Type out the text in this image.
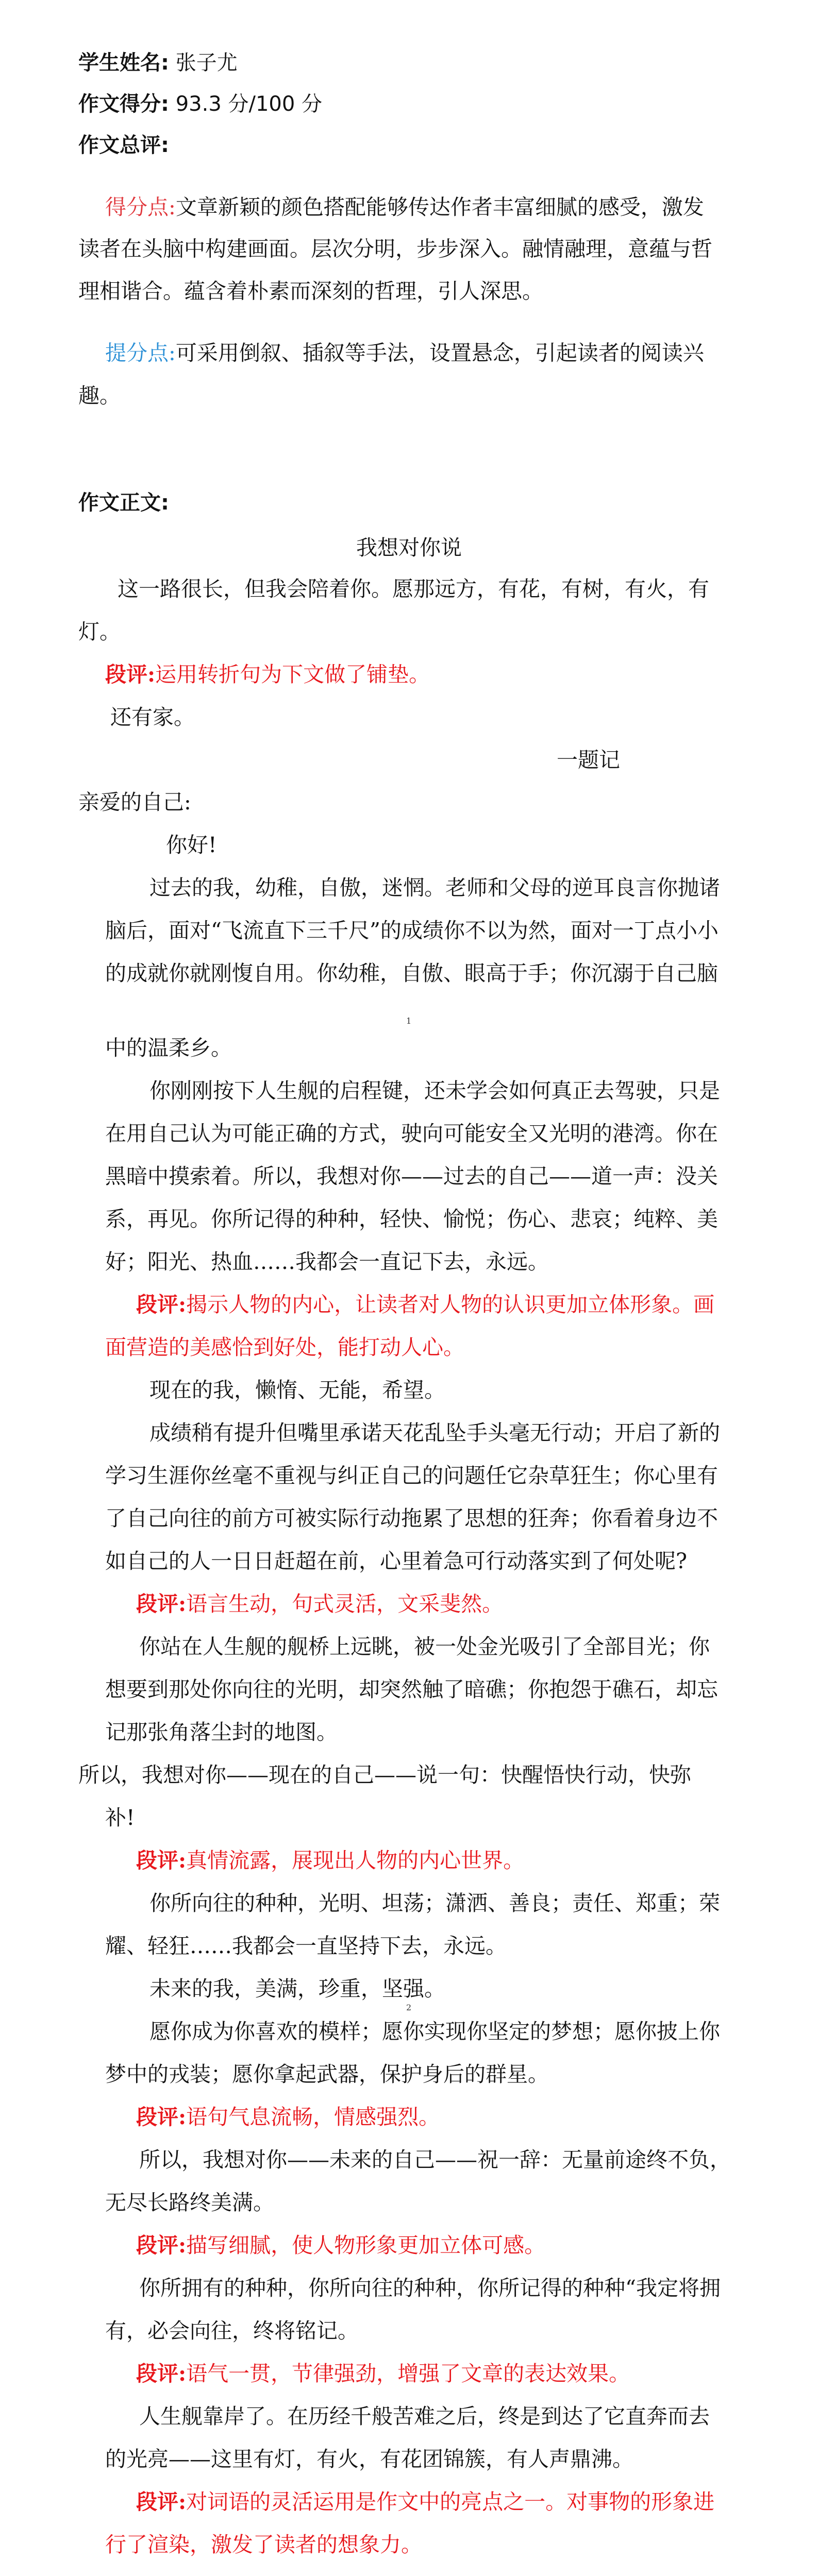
学生姓名: 张子尤
作文得分: 93.3 分/100 分
作文总评:
得分点:文章新颖的颜色搭配能够传达作者丰富细腻的感受，激发
读者在头脑中构建画面。层次分明，步步深入。融情融理，意蕴与哲
理相谐合。蕴含着朴素而深刻的哲理，引人深思。
提分点:可采用倒叙、插叙等手法，设置悬念，引起读者的阅读兴
趣。
作文正文:
我想对你说
这一路很长，但我会陪着你。愿那远方，有花，有树，有火，有
灯。
段评:运用转折句为下文做了铺垫。
还有家。
一题记
亲爱的自己:
你好!
过去的我，幼稚，自傲，迷惘。老师和父母的逆耳良言你抛诸
脑后，面对“飞流直下三千尺”的成绩你不以为然，面对一丁点小小
的成就你就刚愎自用。你幼稚，自傲、眼高于手；你沉溺于自己脑
1
中的温柔乡。
你刚刚按下人生舰的启程键，还未学会如何真正去驾驶，只是
在用自己认为可能正确的方式，驶向可能安全又光明的港湾。你在
黑暗中摸索着。所以，我想对你——过去的自己——道一声：没关
系，再见。你所记得的种种，轻快、愉悦；伤心、悲哀；纯粹、美
好；阳光、热血……我都会一直记下去，永远。
段评:揭示人物的内心，让读者对人物的认识更加立体形象。画
面营造的美感恰到好处，能打动人心。
现在的我，懒惰、无能，希望。
成绩稍有提升但嘴里承诺天花乱坠手头毫无行动；开启了新的
学习生涯你丝毫不重视与纠正自己的问题任它杂草狂生；你心里有
了自己向往的前方可被实际行动拖累了思想的狂奔；你看着身边不
如自己的人一日日赶超在前，心里着急可行动落实到了何处呢?
段评:语言生动，句式灵活，文采斐然。
你站在人生舰的舰桥上远眺，被一处金光吸引了全部目光；你
想要到那处你向往的光明，却突然触了暗礁；你抱怨于礁石，却忘
记那张角落尘封的地图。
所以，我想对你——现在的自己——说一句：快醒悟快行动，快弥
补!
段评:真情流露，展现出人物的内心世界。
你所向往的种种，光明、坦荡；潇洒、善良；责任、郑重；荣
耀、轻狂……我都会一直坚持下去，永远。
未来的我，美满，珍重，坚强。
2
愿你成为你喜欢的模样；愿你实现你坚定的梦想；愿你披上你
梦中的戎装；愿你拿起武器，保护身后的群星。
段评:语句气息流畅，情感强烈。
所以，我想对你——未来的自己——祝一辞：无量前途终不负，
无尽长路终美满。
段评:描写细腻，使人物形象更加立体可感。
你所拥有的种种，你所向往的种种，你所记得的种种“我定将拥
有，必会向往，终将铭记。
段评:语气一贯，节律强劲，增强了文章的表达效果。
人生舰靠岸了。在历经千般苦难之后，终是到达了它直奔而去
的光亮——这里有灯，有火，有花团锦簇，有人声鼎沸。
段评:对词语的灵活运用是作文中的亮点之一。对事物的形象进
行了渲染，激发了读者的想象力。
